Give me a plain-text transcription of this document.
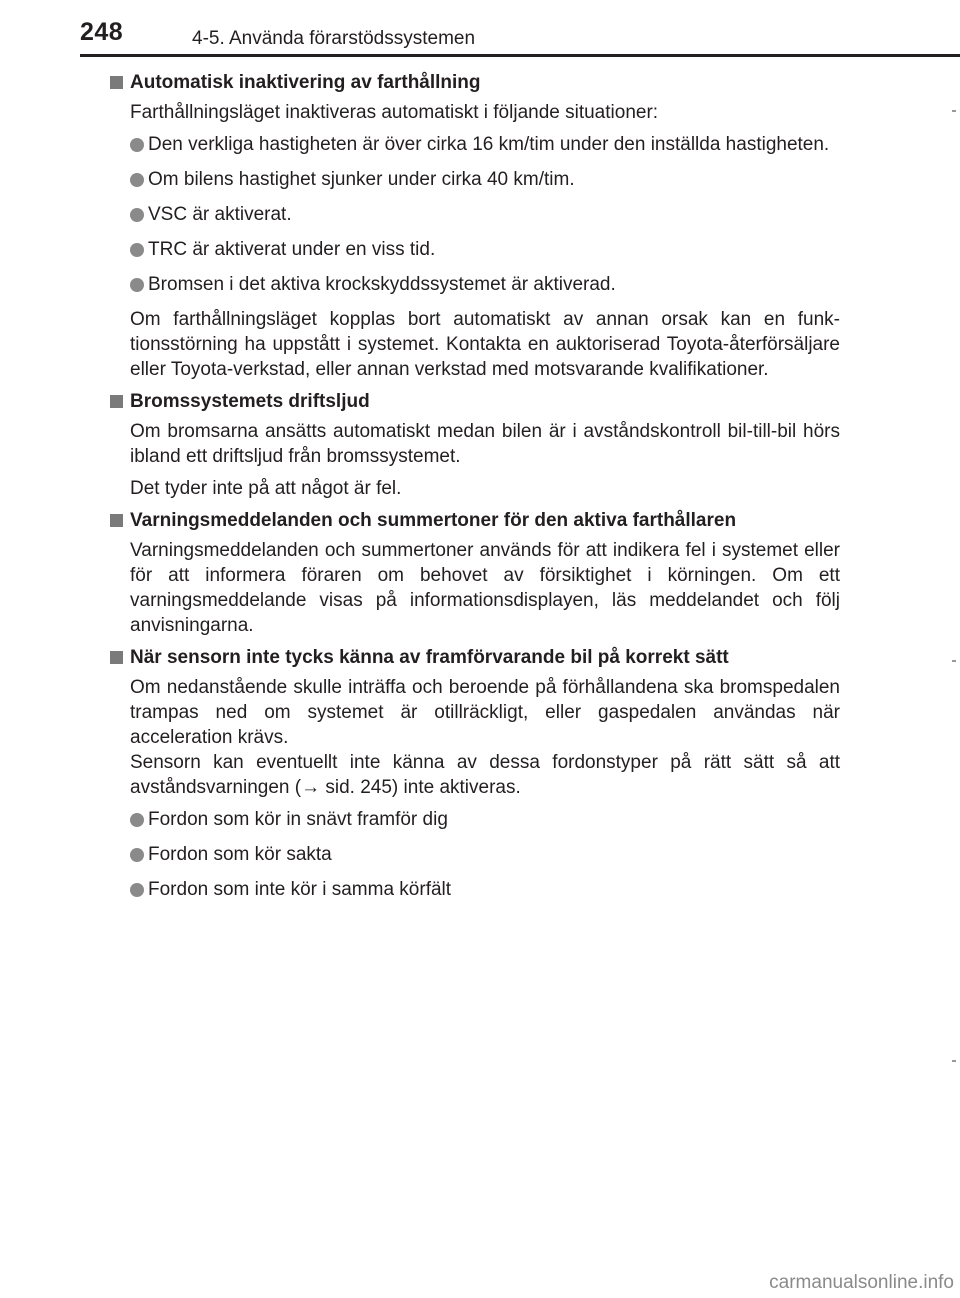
248	4-5. Använda förarstödssystemen
Automatisk inaktivering av farthållning
Farthållningsläget inaktiveras automatiskt i följande situationer:
Den verkliga hastigheten är över cirka 16 km/tim under den inställda hastigheten.
Om bilens hastighet sjunker under cirka 40 km/tim.
VSC är aktiverat.
TRC är aktiverat under en viss tid.
Bromsen i det aktiva krockskyddssystemet är aktiverad.
Om farthållningsläget kopplas bort automatiskt av annan orsak kan en funktionsstörning ha uppstått i systemet. Kontakta en auktoriserad Toyota-återförsäljare eller Toyota-verkstad, eller annan verkstad med motsvarande kvalifikationer.
Bromssystemets driftsljud
Om bromsarna ansätts automatiskt medan bilen är i avståndskontroll bil-till-bil hörs ibland ett driftsljud från bromssystemet.
Det tyder inte på att något är fel.
Varningsmeddelanden och summertoner för den aktiva farthållaren
Varningsmeddelanden och summertoner används för att indikera fel i systemet eller för att informera föraren om behovet av försiktighet i körningen. Om ett varningsmeddelande visas på informationsdisplayen, läs meddelandet och följ anvisningarna.
När sensorn inte tycks känna av framförvarande bil på korrekt sätt
Om nedanstående skulle inträffa och beroende på förhållandena ska bromspedalen trampas ned om systemet är otillräckligt, eller gaspedalen användas när acceleration krävs.
Sensorn kan eventuellt inte känna av dessa fordonstyper på rätt sätt så att avståndsvarningen (→ sid. 245) inte aktiveras.
Fordon som kör in snävt framför dig
Fordon som kör sakta
Fordon som inte kör i samma körfält
carmanualsonline.info
